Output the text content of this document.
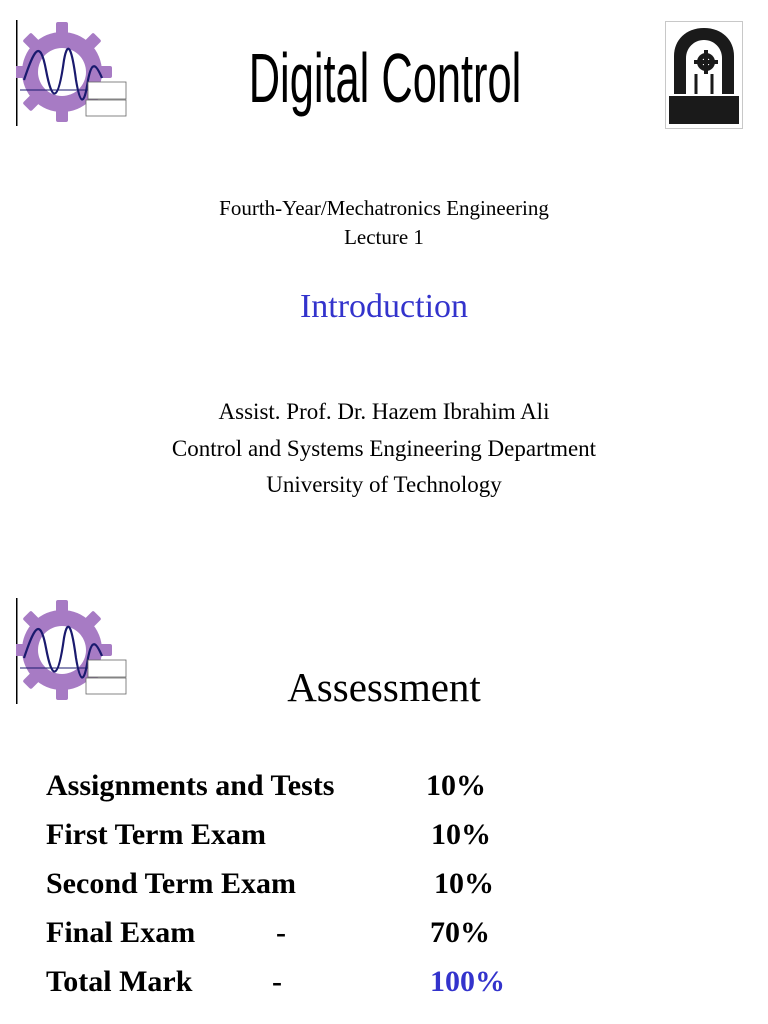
Digital Control
Fourth-Year/Mechatronics Engineering
Lecture 1
Introduction
Assist. Prof. Dr. Hazem Ibrahim Ali
Control and Systems Engineering Department
University of Technology
Assessment
Assignments and Tests	10%
First Term Exam	10%
Second Term Exam	10%
Final Exam	-	70%
Total Mark	-	100%
